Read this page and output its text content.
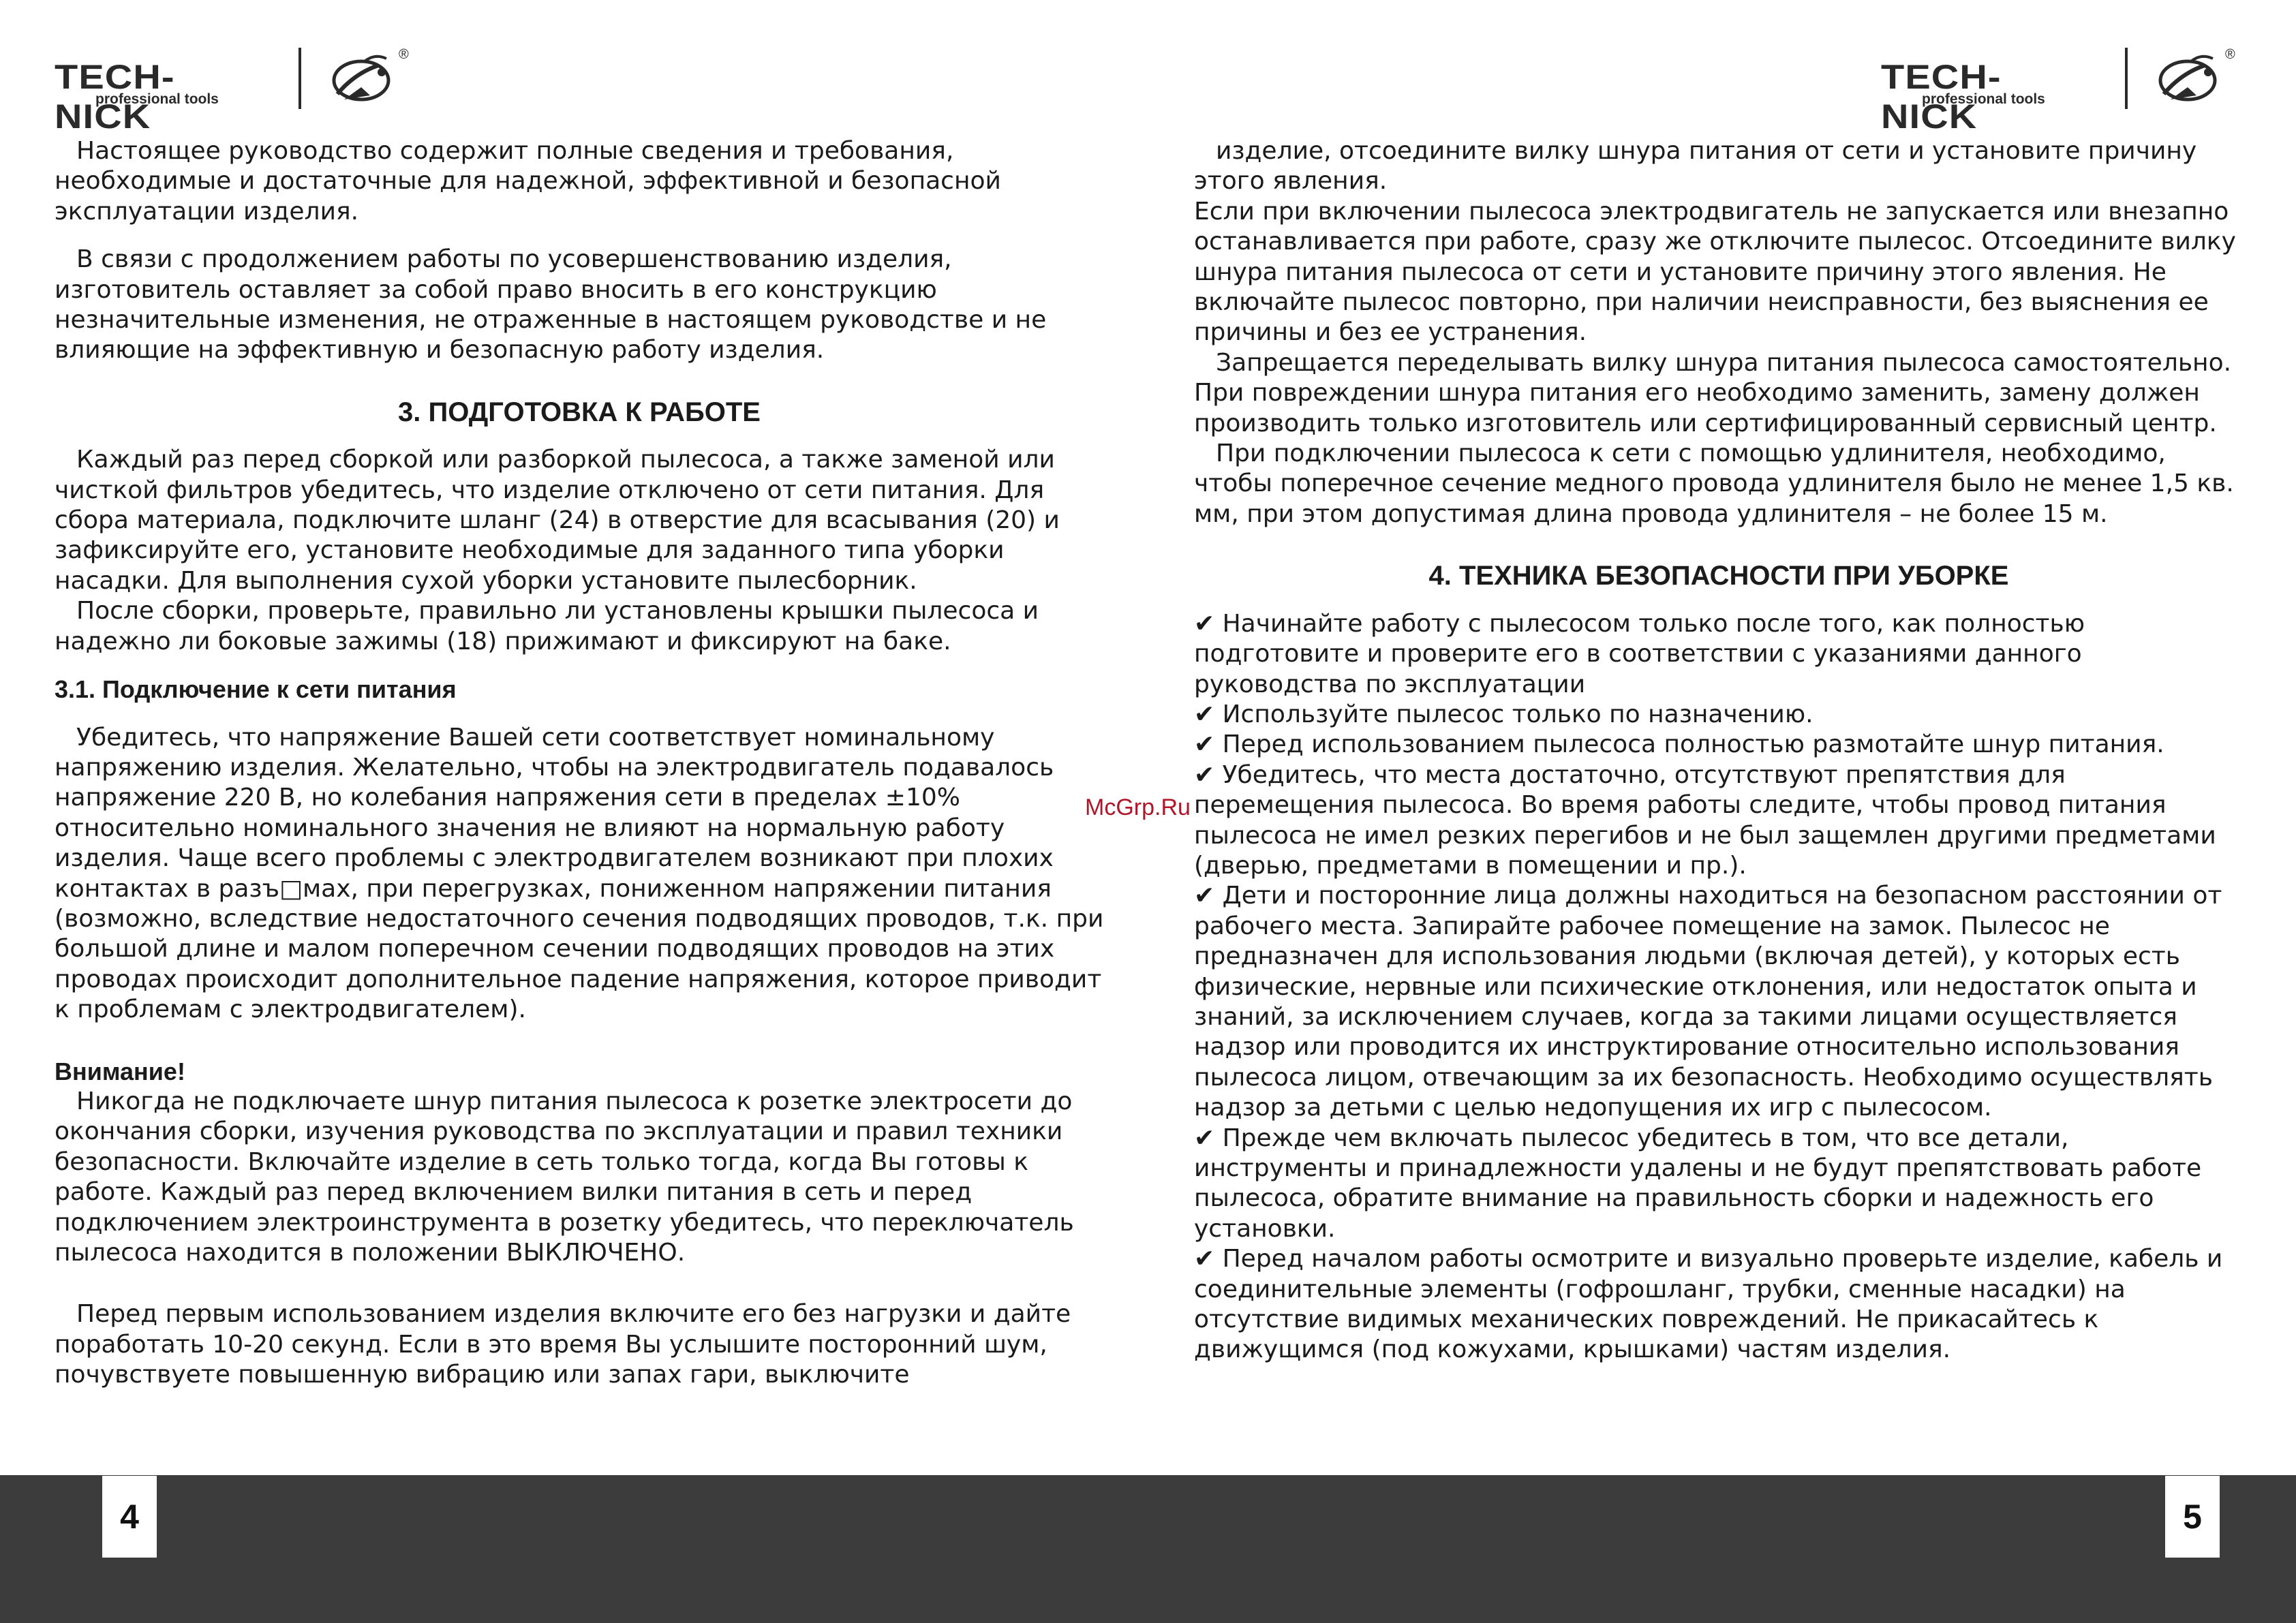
TECH-NICK
professional tools
®
TECH-NICK
professional tools
®

Настоящее руководство содержит полные сведения и требования, необходимые и достаточные для надежной, эффективной и безопасной эксплуатации изделия.

В связи с продолжением работы по усовершенствованию изделия, изготовитель оставляет за собой право вносить в его конструкцию незначительные изменения, не отраженные в настоящем руководстве и не влияющие на эффективную и безопасную работу изделия.

3. ПОДГОТОВКА К РАБОТЕ

Каждый раз перед сборкой или разборкой пылесоса, а также заменой или чисткой фильтров убедитесь, что изделие отключено от сети питания. Для сбора материала, подключите шланг (24) в отверстие для всасывания (20) и зафиксируйте его, установите необходимые для заданного типа уборки насадки. Для выполнения сухой уборки установите пылесборник.

После сборки, проверьте, правильно ли установлены крышки пылесоса и надежно ли боковые зажимы (18) прижимают и фиксируют на баке.

3.1. Подключение к сети питания

Убедитесь, что напряжение Вашей сети соответствует номинальному напряжению изделия. Желательно, чтобы на электродвигатель подавалось напряжение 220 В, но колебания напряжения сети в пределах ±10% относительно номинального значения не влияют на нормальную работу изделия. Чаще всего проблемы с электродвигателем возникают при плохих контактах в разъ□мах, при перегрузках, пониженном напряжении питания (возможно, вследствие недостаточного сечения подводящих проводов, т.к. при большой длине и малом поперечном сечении подводящих проводов на этих проводах происходит дополнительное падение напряжения, которое приводит к проблемам с электродвигателем).

Внимание!

Никогда не подключаете шнур питания пылесоса к розетке электросети до окончания сборки, изучения руководства по эксплуатации и правил техники безопасности. Включайте изделие в сеть только тогда, когда Вы готовы к работе. Каждый раз перед включением вилки питания в сеть и перед подключением электроинструмента в розетку убедитесь, что переключатель пылесоса находится в положении ВЫКЛЮЧЕНО.

Перед первым использованием изделия включите его без нагрузки и дайте поработать 10-20 секунд. Если в это время Вы услышите посторонний шум, почувствуете повышенную вибрацию или запах гари, выключите

изделие, отсоедините вилку шнура питания от сети и установите причину этого явления.

Если при включении пылесоса электродвигатель не запускается или внезапно останавливается при работе, сразу же отключите пылесос. Отсоедините вилку шнура питания пылесоса от сети и установите причину этого явления. Не включайте пылесос повторно, при наличии неисправности, без выяснения ее причины и без ее устранения.

Запрещается переделывать вилку шнура питания пылесоса самостоятельно. При повреждении шнура питания его необходимо заменить, замену должен производить только изготовитель или сертифицированный сервисный центр.

При подключении пылесоса к сети с помощью удлинителя, необходимо, чтобы поперечное сечение медного провода удлинителя было не менее 1,5 кв. мм, при этом допустимая длина провода удлинителя – не более 15 м.

4. ТЕХНИКА БЕЗОПАСНОСТИ ПРИ УБОРКЕ

✔ Начинайте работу с пылесосом только после того, как полностью подготовите и проверите его в соответствии с указаниями данного руководства по эксплуатации

✔ Используйте пылесос только по назначению.

✔ Перед использованием пылесоса полностью размотайте шнур питания.

✔ Убедитесь, что места достаточно, отсутствуют препятствия для перемещения пылесоса. Во время работы следите, чтобы провод питания пылесоса не имел резких перегибов и не был защемлен другими предметами (дверью, предметами в помещении и пр.).

✔ Дети и посторонние лица должны находиться на безопасном расстоянии от рабочего места. Запирайте рабочее помещение на замок. Пылесос не предназначен для использования людьми (включая детей), у которых есть физические, нервные или психические отклонения, или недостаток опыта и знаний, за исключением случаев, когда за такими лицами осуществляется надзор или проводится их инструктирование относительно использования пылесоса лицом, отвечающим за их безопасность. Необходимо осуществлять надзор за детьми с целью недопущения их игр с пылесосом.

✔ Прежде чем включать пылесос убедитесь в том, что все детали, инструменты и принадлежности удалены и не будут препятствовать работе пылесоса, обратите внимание на правильность сборки и надежность его установки.

✔ Перед началом работы осмотрите и визуально проверьте изделие, кабель и соединительные элементы (гофрошланг, трубки, сменные насадки) на отсутствие видимых механических повреждений. Не прикасайтесь к движущимся (под кожухами, крышками) частям изделия.

McGrp.Ru
4	5
